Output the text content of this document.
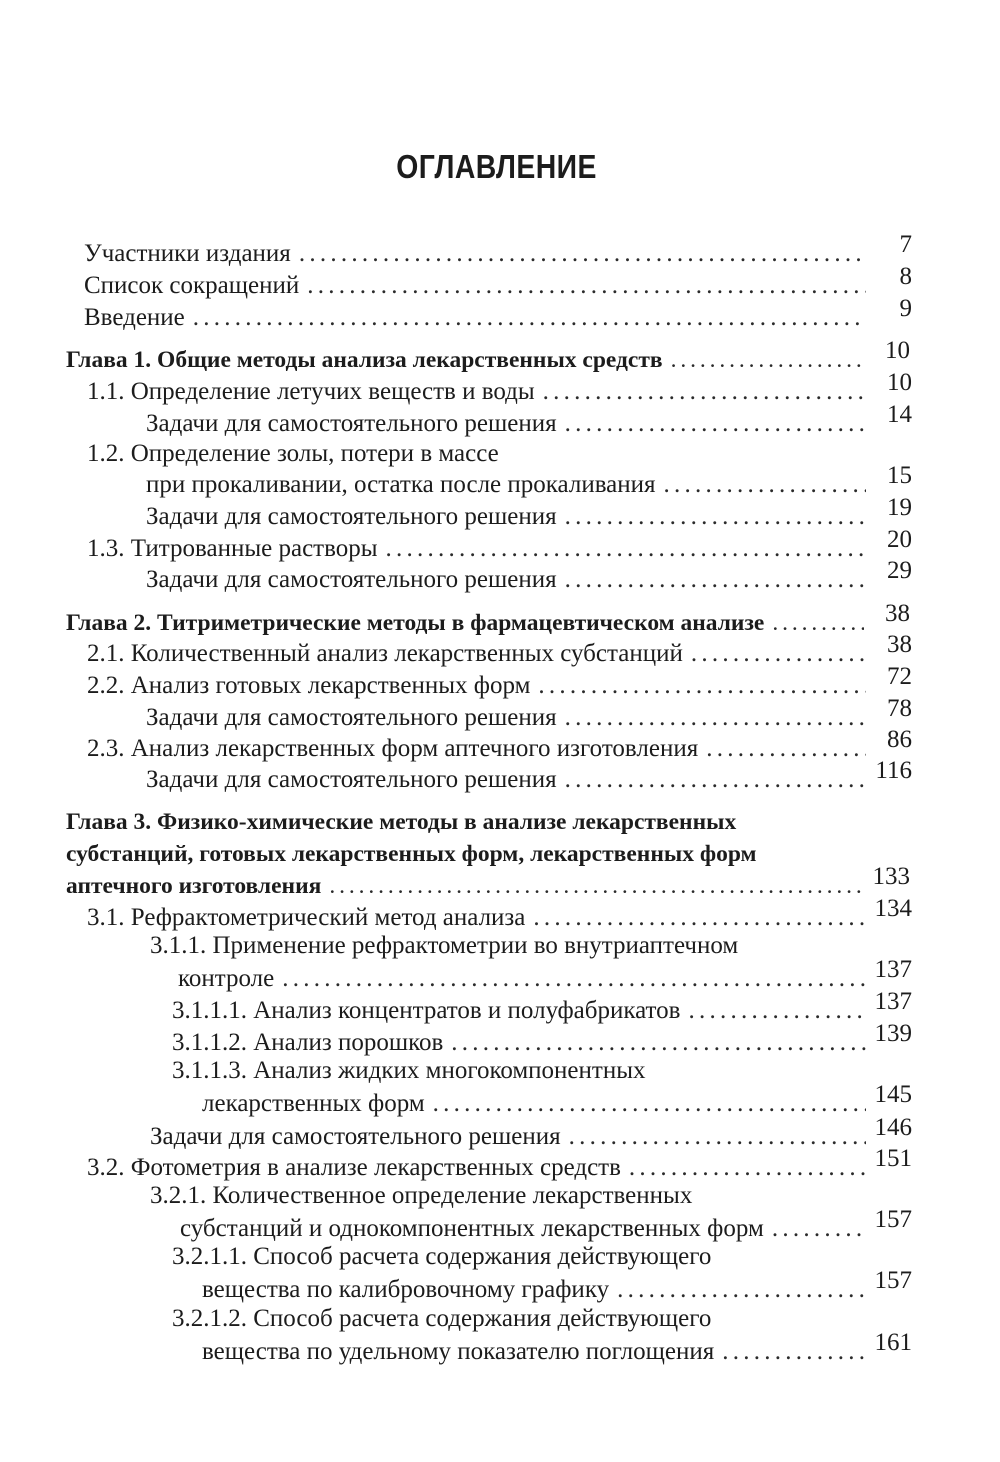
ОГЛАВЛЕНИЕ
Участники издания . . .	7
Список сокращений . . .	8
Введение . . .	9
Глава 1. Общие методы анализа лекарственных средств . . .	10
1.1. Определение летучих веществ и воды . . .	10
Задачи для самостоятельного решения . . .	14
1.2. Определение золы, потери в массе
при прокаливании, остатка после прокаливания . . .	15
Задачи для самостоятельного решения . . .	19
1.3. Титрованные растворы . . .	20
Задачи для самостоятельного решения . . .	29
Глава 2. Титриметрические методы в фармацевтическом анализе . . .	38
2.1. Количественный анализ лекарственных субстанций . . .	38
2.2. Анализ готовых лекарственных форм . . .	72
Задачи для самостоятельного решения . . .	78
2.3. Анализ лекарственных форм аптечного изготовления . . .	86
Задачи для самостоятельного решения . . .	116
Глава 3. Физико-химические методы в анализе лекарственных
субстанций, готовых лекарственных форм, лекарственных форм
аптечного изготовления . . .	133
3.1. Рефрактометрический метод анализа . . .	134
3.1.1. Применение рефрактометрии во внутриаптечном
контроле . . .	137
3.1.1.1. Анализ концентратов и полуфабрикатов . . .	137
3.1.1.2. Анализ порошков . . .	139
3.1.1.3. Анализ жидких многокомпонентных
лекарственных форм . . .	145
Задачи для самостоятельного решения . . .	146
3.2. Фотометрия в анализе лекарственных средств . . .	151
3.2.1. Количественное определение лекарственных
субстанций и однокомпонентных лекарственных форм . . .	157
3.2.1.1. Способ расчета содержания действующего
вещества по калибровочному графику . . .	157
3.2.1.2. Способ расчета содержания действующего
вещества по удельному показателю поглощения . . .	161
